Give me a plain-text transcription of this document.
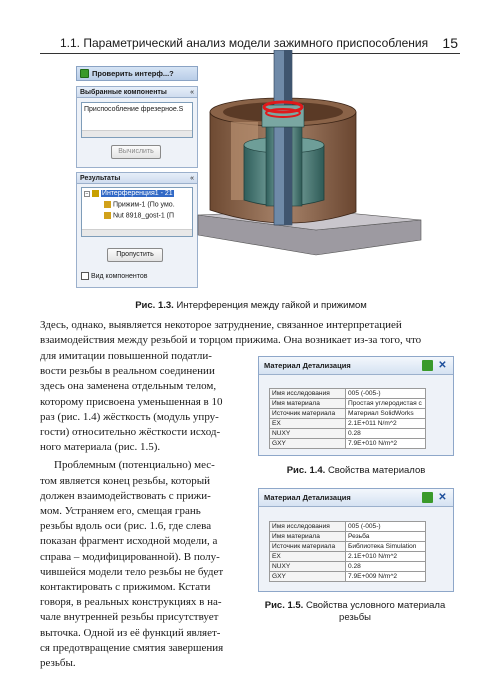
1.1. Параметрический анализ модели зажимного приспособления 15
Проверить интерф...?
Выбранные компоненты	«
Приспособление фрезерное.S
Вычислить
Результаты	«
− Интерференция1 - 21
Прижим-1 (По умо.
Nut 8918_gost-1 (П
Пропустить
Вид компонентов
Рис. 1.3. Интерференция между гайкой и прижимом
Здесь, однако, выявляется некоторое затруднение, связанное интерпретацией
взаимодействия между резьбой и торцом прижима. Она возникает из-за того, что
для имитации повышенной податли-
вости резьбы в реальном соединении
здесь она заменена отдельным телом,
которому присвоена уменьшенная в 10
раз (рис. 1.4) жёсткость (модуль упру-
гости) относительно жёсткости исход-
ного материала (рис. 1.5).
Проблемным (потенциально) мес-
том является конец резьбы, который
должен взаимодействовать с прижи-
мом. Устраняем его, смещая грань
резьбы вдоль оси (рис. 1.6, где слева
показан фрагмент исходной модели, а
справа – модифицированной). В полу-
чившейся модели тело резьбы не будет
контактировать с прижимом. Кстати
говоря, в реальных конструкциях в на-
чале внутренней резьбы присутствует
выточка. Одной из её функций являет-
ся предотвращение смятия завершения
резьбы.
Материал Детализация	✕
Имя исследования	005 (-005-)
Имя материала	Простая углеродистая с
Источник материала	Материал SolidWorks
EX	2.1E+011 N/m^2
NUXY	0.28
GXY	7.9E+010 N/m^2
Рис. 1.4. Свойства материалов
Материал Детализация	✕
Имя исследования	005 (-005-)
Имя материала	Резьба
Источник материала	Библиотека Simulation
EX	2.1E+010 N/m^2
NUXY	0.28
GXY	7.9E+009 N/m^2
Рис. 1.5. Свойства условного материала
резьбы
